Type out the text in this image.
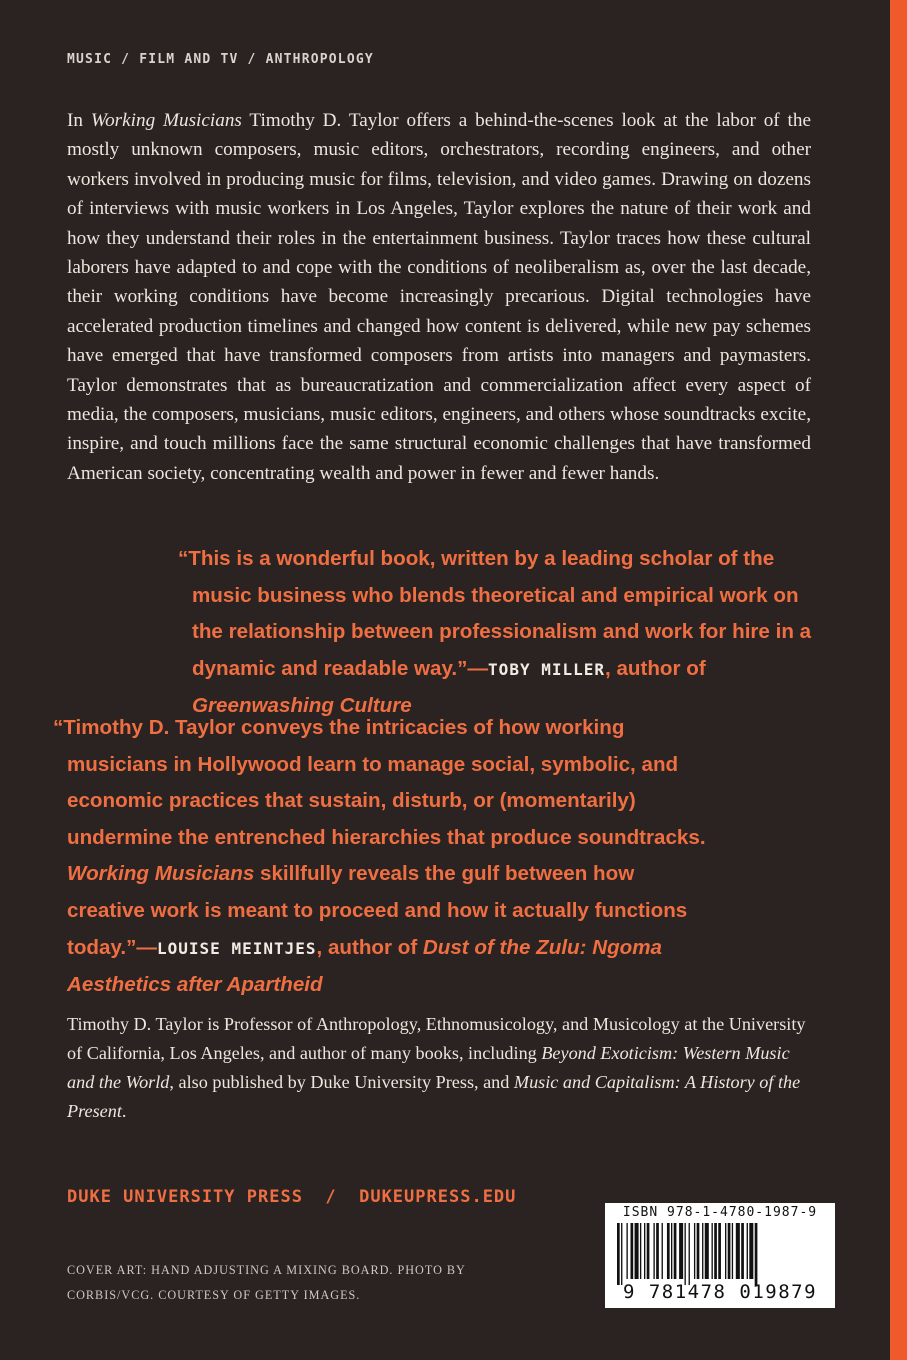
MUSIC / FILM AND TV / ANTHROPOLOGY

In Working Musicians Timothy D. Taylor offers a behind-the-scenes look at the labor of the mostly unknown composers, music editors, orchestrators, recording engineers, and other workers involved in producing music for films, television, and video games. Drawing on dozens of interviews with music workers in Los Angeles, Taylor explores the nature of their work and how they understand their roles in the entertainment business. Taylor traces how these cultural laborers have adapted to and cope with the conditions of neoliberalism as, over the last decade, their working conditions have become increasingly precarious. Digital technologies have accelerated production timelines and changed how content is delivered, while new pay schemes have emerged that have transformed composers from artists into managers and paymasters. Taylor demonstrates that as bureaucratization and commercialization affect every aspect of media, the composers, musicians, music editors, engineers, and others whose soundtracks excite, inspire, and touch millions face the same structural economic challenges that have transformed American society, concentrating wealth and power in fewer and fewer hands.

“This is a wonderful book, written by a leading scholar of the music business who blends theoretical and empirical work on the relationship between professionalism and work for hire in a dynamic and readable way.”—TOBY MILLER, author of Greenwashing Culture

“Timothy D. Taylor conveys the intricacies of how working musicians in Hollywood learn to manage social, symbolic, and economic practices that sustain, disturb, or (momentarily) undermine the entrenched hierarchies that produce soundtracks. Working Musicians skillfully reveals the gulf between how creative work is meant to proceed and how it actually functions today.”—LOUISE MEINTJES, author of Dust of the Zulu: Ngoma Aesthetics after Apartheid

Timothy D. Taylor is Professor of Anthropology, Ethnomusicology, and Musicology at the University of California, Los Angeles, and author of many books, including Beyond Exoticism: Western Music and the World, also published by Duke University Press, and Music and Capitalism: A History of the Present.

DUKE UNIVERSITY PRESS  /  DUKEUPRESS.EDU

COVER ART: HAND ADJUSTING A MIXING BOARD. PHOTO BY CORBIS/VCG. COURTESY OF GETTY IMAGES.

ISBN 978-1-4780-1987-9
9 781478 019879
